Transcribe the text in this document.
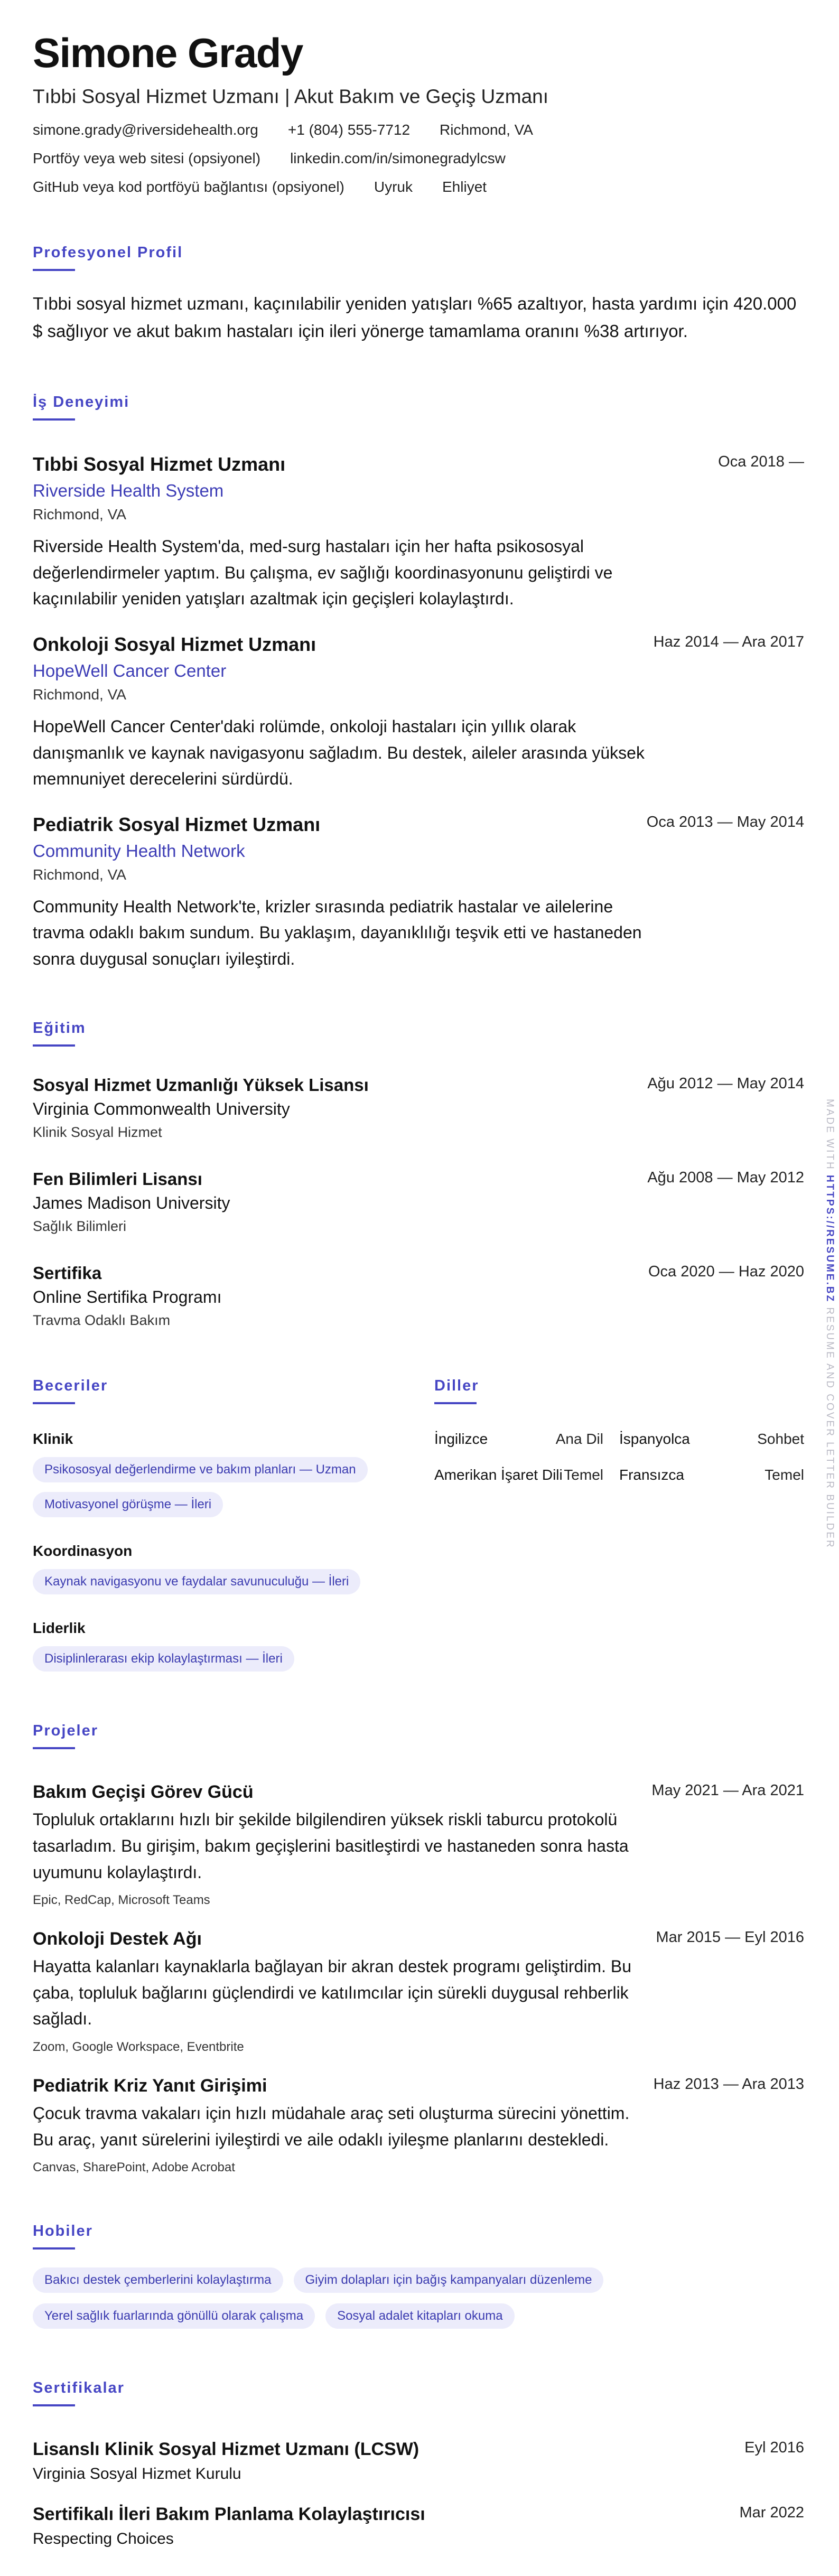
Simone Grady
Tıbbi Sosyal Hizmet Uzmanı | Akut Bakım ve Geçiş Uzmanı
simone.grady@riversidehealth.org +1 (804) 555-7712 Richmond, VA
Portföy veya web sitesi (opsiyonel) linkedin.com/in/simonegradylcsw
GitHub veya kod portföyü bağlantısı (opsiyonel) Uyruk Ehliyet
Profesyonel Profil

Tıbbi sosyal hizmet uzmanı, kaçınılabilir yeniden yatışları %65 azaltıyor, hasta yardımı için 420.000 $ sağlıyor ve akut bakım hastaları için ileri yönerge tamamlama oranını %38 artırıyor.

İş Deneyimi
Tıbbi Sosyal Hizmet Uzmanı	Oca 2018 —
Riverside Health System
Richmond, VA

Riverside Health System'da, med-surg hastaları için her hafta psikososyal değerlendirmeler yaptım. Bu çalışma, ev sağlığı koordinasyonunu geliştirdi ve kaçınılabilir yeniden yatışları azaltmak için geçişleri kolaylaştırdı.

Onkoloji Sosyal Hizmet Uzmanı	Haz 2014 — Ara 2017
HopeWell Cancer Center
Richmond, VA

HopeWell Cancer Center'daki rolümde, onkoloji hastaları için yıllık olarak danışmanlık ve kaynak navigasyonu sağladım. Bu destek, aileler arasında yüksek memnuniyet derecelerini sürdürdü.

Pediatrik Sosyal Hizmet Uzmanı	Oca 2013 — May 2014
Community Health Network
Richmond, VA

Community Health Network'te, krizler sırasında pediatrik hastalar ve ailelerine travma odaklı bakım sundum. Bu yaklaşım, dayanıklılığı teşvik etti ve hastaneden sonra duygusal sonuçları iyileştirdi.

Eğitim
Sosyal Hizmet Uzmanlığı Yüksek Lisansı	Ağu 2012 — May 2014
Virginia Commonwealth University
Klinik Sosyal Hizmet
Fen Bilimleri Lisansı	Ağu 2008 — May 2012
James Madison University
Sağlık Bilimleri
Sertifika	Oca 2020 — Haz 2020
Online Sertifika Programı
Travma Odaklı Bakım
Beceriler
Klinik
Psikososyal değerlendirme ve bakım planları — Uzman
Motivasyonel görüşme — İleri
Koordinasyon
Kaynak navigasyonu ve faydalar savunuculuğu — İleri
Liderlik
Disiplinlerarası ekip kolaylaştırması — İleri
Diller
İngilizce	Ana Dil İspanyolca	Sohbet
Amerikan İşaret Dili Temel Fransızca	Temel
Projeler
Bakım Geçişi Görev Gücü	May 2021 — Ara 2021

Topluluk ortaklarını hızlı bir şekilde bilgilendiren yüksek riskli taburcu protokolü tasarladım. Bu girişim, bakım geçişlerini basitleştirdi ve hastaneden sonra hasta uyumunu kolaylaştırdı.

Epic, RedCap, Microsoft Teams
Onkoloji Destek Ağı	Mar 2015 — Eyl 2016

Hayatta kalanları kaynaklarla bağlayan bir akran destek programı geliştirdim. Bu çaba, topluluk bağlarını güçlendirdi ve katılımcılar için sürekli duygusal rehberlik sağladı.

Zoom, Google Workspace, Eventbrite
Pediatrik Kriz Yanıt Girişimi	Haz 2013 — Ara 2013

Çocuk travma vakaları için hızlı müdahale araç seti oluşturma sürecini yönettim. Bu araç, yanıt sürelerini iyileştirdi ve aile odaklı iyileşme planlarını destekledi.

Canvas, SharePoint, Adobe Acrobat
Hobiler
Bakıcı destek çemberlerini kolaylaştırma	Giyim dolapları için bağış kampanyaları düzenleme
Yerel sağlık fuarlarında gönüllü olarak çalışma	Sosyal adalet kitapları okuma
Sertifikalar
Lisanslı Klinik Sosyal Hizmet Uzmanı (LCSW)	Eyl 2016
Virginia Sosyal Hizmet Kurulu
Sertifikalı İleri Bakım Planlama Kolaylaştırıcısı	Mar 2022
Respecting Choices
MADE WITH HTTPS://RESUME.BZ RESUME AND COVER LETTER BUILDER
